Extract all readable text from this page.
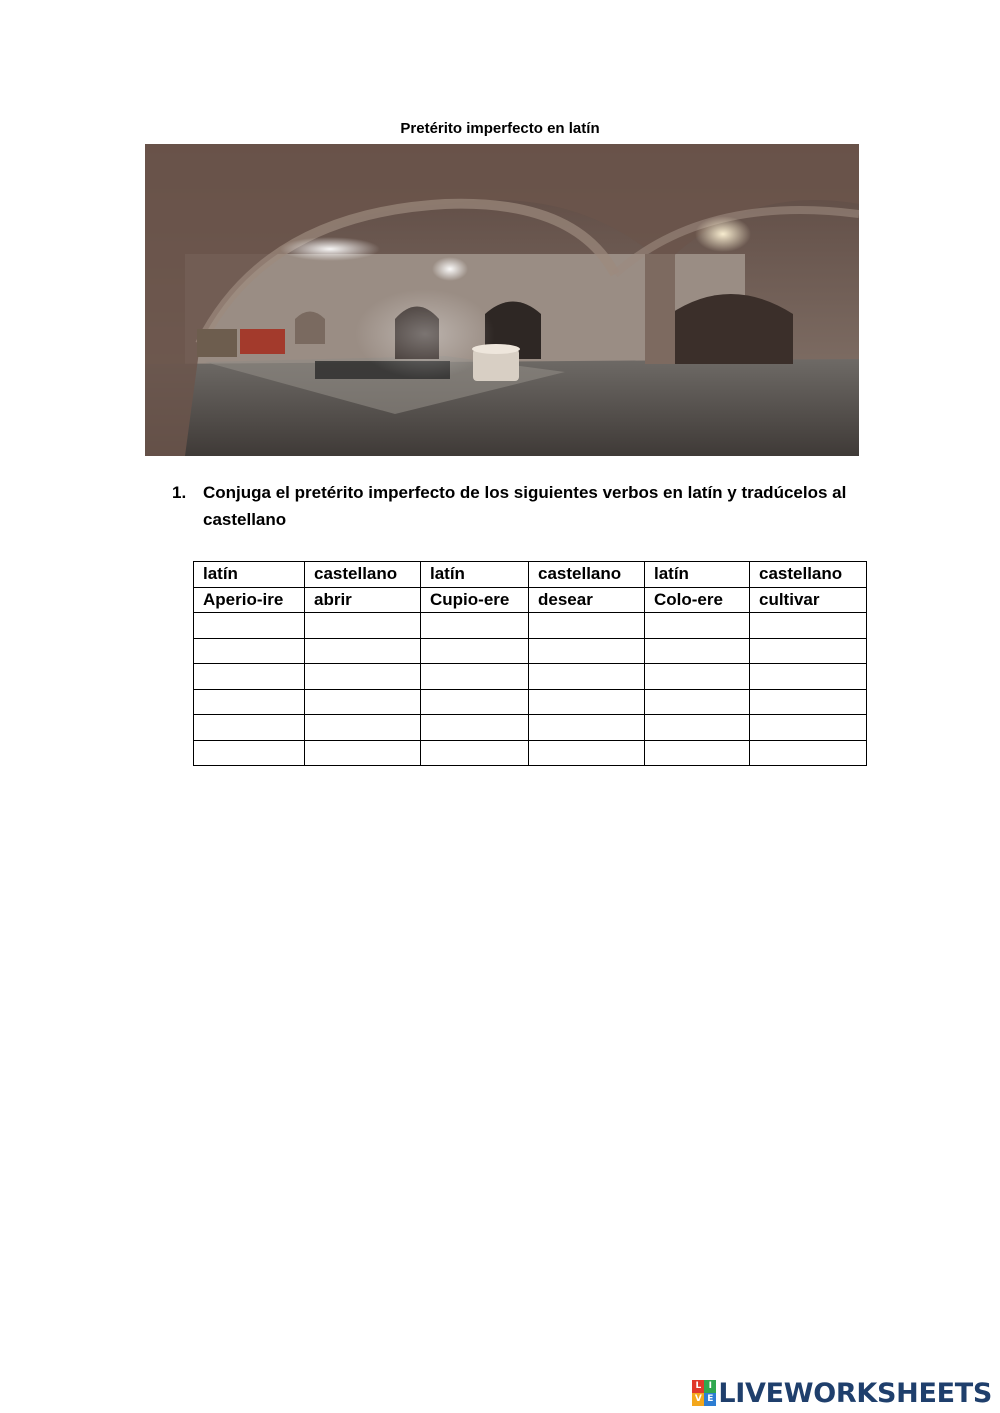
Pretérito imperfecto en latín
1. Conjuga el pretérito imperfecto de los siguientes verbos en latín y tradúcelos al castellano
latín	castellano	latín	castellano	latín	castellano
Aperio-ire	abrir	Cupio-ere	desear	Colo-ere	cultivar

L I
V E LIVEWORKSHEETS
